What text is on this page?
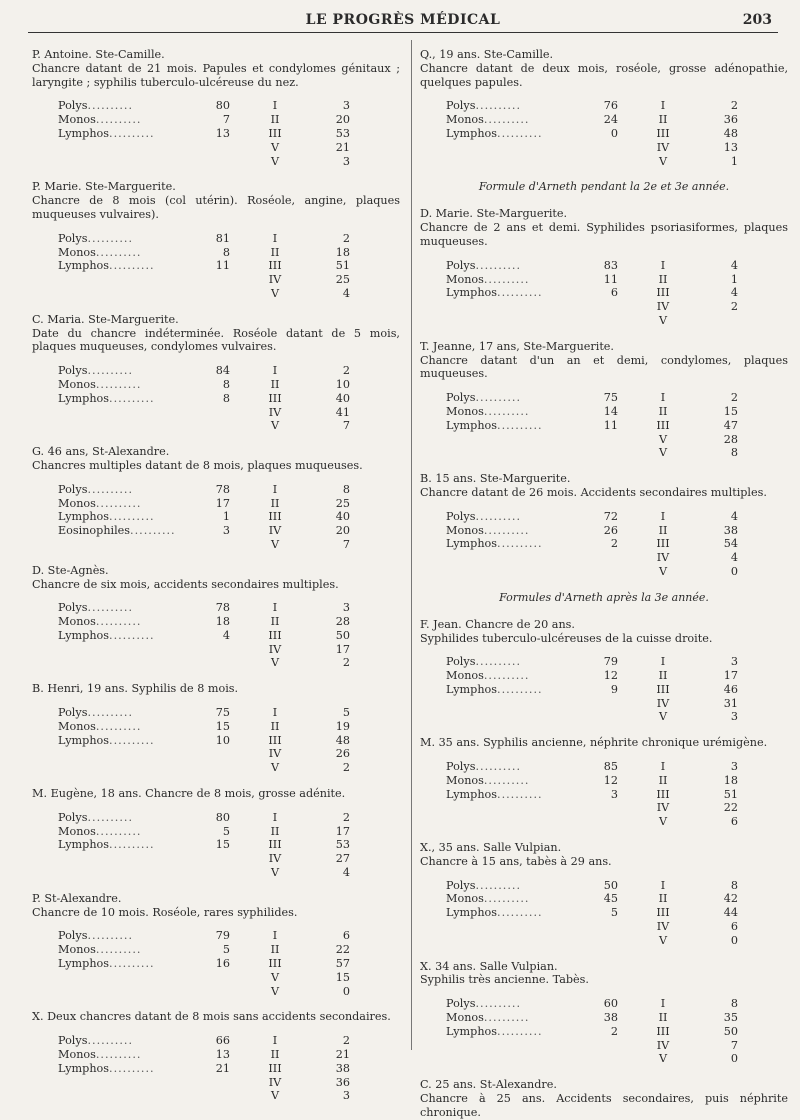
LE PROGRÈS MÉDICAL	203

P. Antoine. Ste-Camille.

Chancre datant de 21 mois. Papules et condylomes génitaux ; laryngite ; syphilis tuberculo-ulcéreuse du nez.

Polys..........	80	I	3
Monos..........	7	II	20
Lymphos..........	13	III	53
V	21
V	3

P. Marie. Ste-Marguerite.

Chancre de 8 mois (col utérin). Roséole, angine, plaques muqueuses vulvaires).

Polys..........	81	I	2
Monos..........	8	II	18
Lymphos..........	11	III	51
IV	25
V	4

C. Maria. Ste-Marguerite.

Date du chancre indéterminée. Roséole datant de 5 mois, plaques muqueuses, condylomes vulvaires.

Polys..........	84	I	2
Monos..........	8	II	10
Lymphos..........	8	III	40
IV	41
V	7

G. 46 ans, St-Alexandre.

Chancres multiples datant de 8 mois, plaques muqueuses.

Polys..........	78	I	8
Monos..........	17	II	25
Lymphos..........	1	III	40
Eosinophiles..........	3	IV	20
V	7

D. Ste-Agnès.

Chancre de six mois, accidents secondaires multiples.

Polys..........	78	I	3
Monos..........	18	II	28
Lymphos..........	4	III	50
IV	17
V	2

B. Henri, 19 ans. Syphilis de 8 mois.

Polys..........	75	I	5
Monos..........	15	II	19
Lymphos..........	10	III	48
IV	26
V	2

M. Eugène, 18 ans. Chancre de 8 mois, grosse adénite.

Polys..........	80	I	2
Monos..........	5	II	17
Lymphos..........	15	III	53
IV	27
V	4

P. St-Alexandre.

Chancre de 10 mois. Roséole, rares syphilides.

Polys..........	79	I	6
Monos..........	5	II	22
Lymphos..........	16	III	57
V	15
V	0

X. Deux chancres datant de 8 mois sans accidents secondaires.

Polys..........	66	I	2
Monos..........	13	II	21
Lymphos..........	21	III	38
IV	36
V	3

Q., 19 ans. Ste-Camille.

Chancre datant de deux mois, roséole, grosse adénopathie, quelques papules.

Polys..........	76	I	2
Monos..........	24	II	36
Lymphos..........	0	III	48
IV	13
V	1
Formule d'Arneth pendant la 2e et 3e année.

D. Marie. Ste-Marguerite.

Chancre de 2 ans et demi. Syphilides psoriasiformes, plaques muqueuses.

Polys..........	83	I	4
Monos..........	11	II	1
Lymphos..........	6	III	4
IV	2
V

T. Jeanne, 17 ans, Ste-Marguerite.

Chancre datant d'un an et demi, condylomes, plaques muqueuses.

Polys..........	75	I	2
Monos..........	14	II	15
Lymphos..........	11	III	47
V	28
V	8

B. 15 ans. Ste-Marguerite.

Chancre datant de 26 mois. Accidents secondaires multiples.

Polys..........	72	I	4
Monos..........	26	II	38
Lymphos..........	2	III	54
IV	4
V	0
Formules d'Arneth après la 3e année.

F. Jean. Chancre de 20 ans.

Syphilides tuberculo-ulcéreuses de la cuisse droite.

Polys..........	79	I	3
Monos..........	12	II	17
Lymphos..........	9	III	46
IV	31
V	3

M. 35 ans. Syphilis ancienne, néphrite chronique urémigène.

Polys..........	85	I	3
Monos..........	12	II	18
Lymphos..........	3	III	51
IV	22
V	6

X., 35 ans. Salle Vulpian.

Chancre à 15 ans, tabès à 29 ans.

Polys..........	50	I	8
Monos..........	45	II	42
Lymphos..........	5	III	44
IV	6
V	0

X. 34 ans. Salle Vulpian.

Syphilis très ancienne. Tabès.

Polys..........	60	I	8
Monos..........	38	II	35
Lymphos..........	2	III	50
IV	7
V	0

C. 25 ans. St-Alexandre.

Chancre à 25 ans. Accidents secondaires, puis néphrite chronique.
